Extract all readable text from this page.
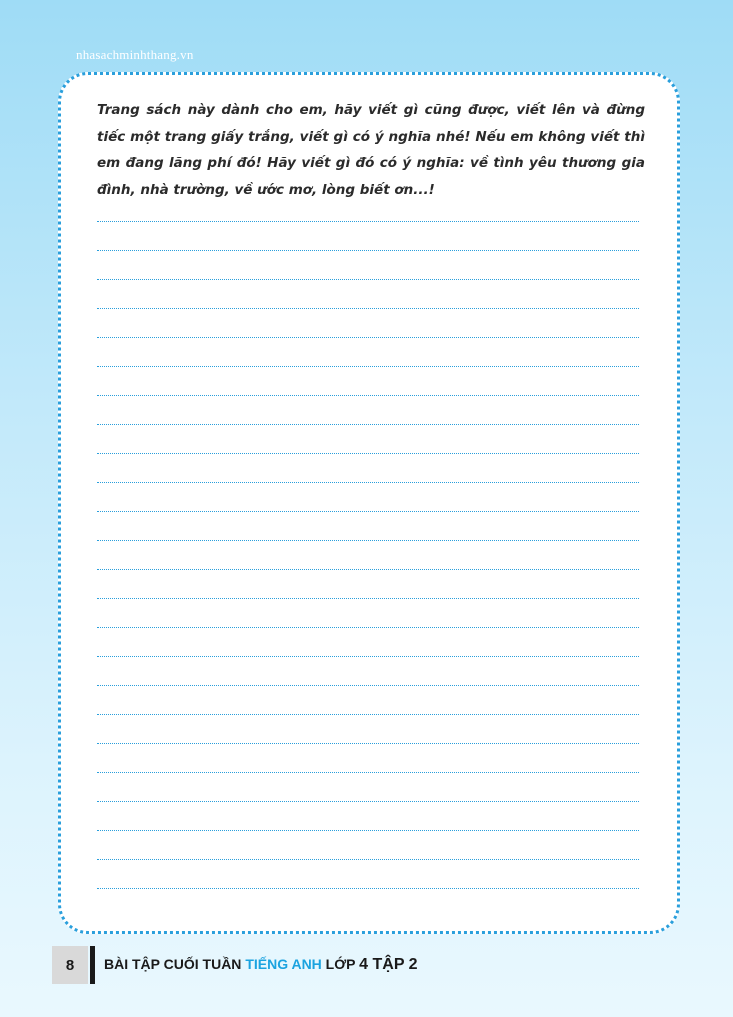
nhasachminhthang.vn

Trang sách này dành cho em, hãy viết gì cũng được, viết lên và đừng tiếc một trang giấy trắng, viết gì có ý nghĩa nhé! Nếu em không viết thì em đang lãng phí đó! Hãy viết gì đó có ý nghĩa: về tình yêu thương gia đình, nhà trường, về ước mơ, lòng biết ơn...!

8	BÀI TẬP CUỐI TUẦN TIẾNG ANH LỚP 4 TẬP 2
